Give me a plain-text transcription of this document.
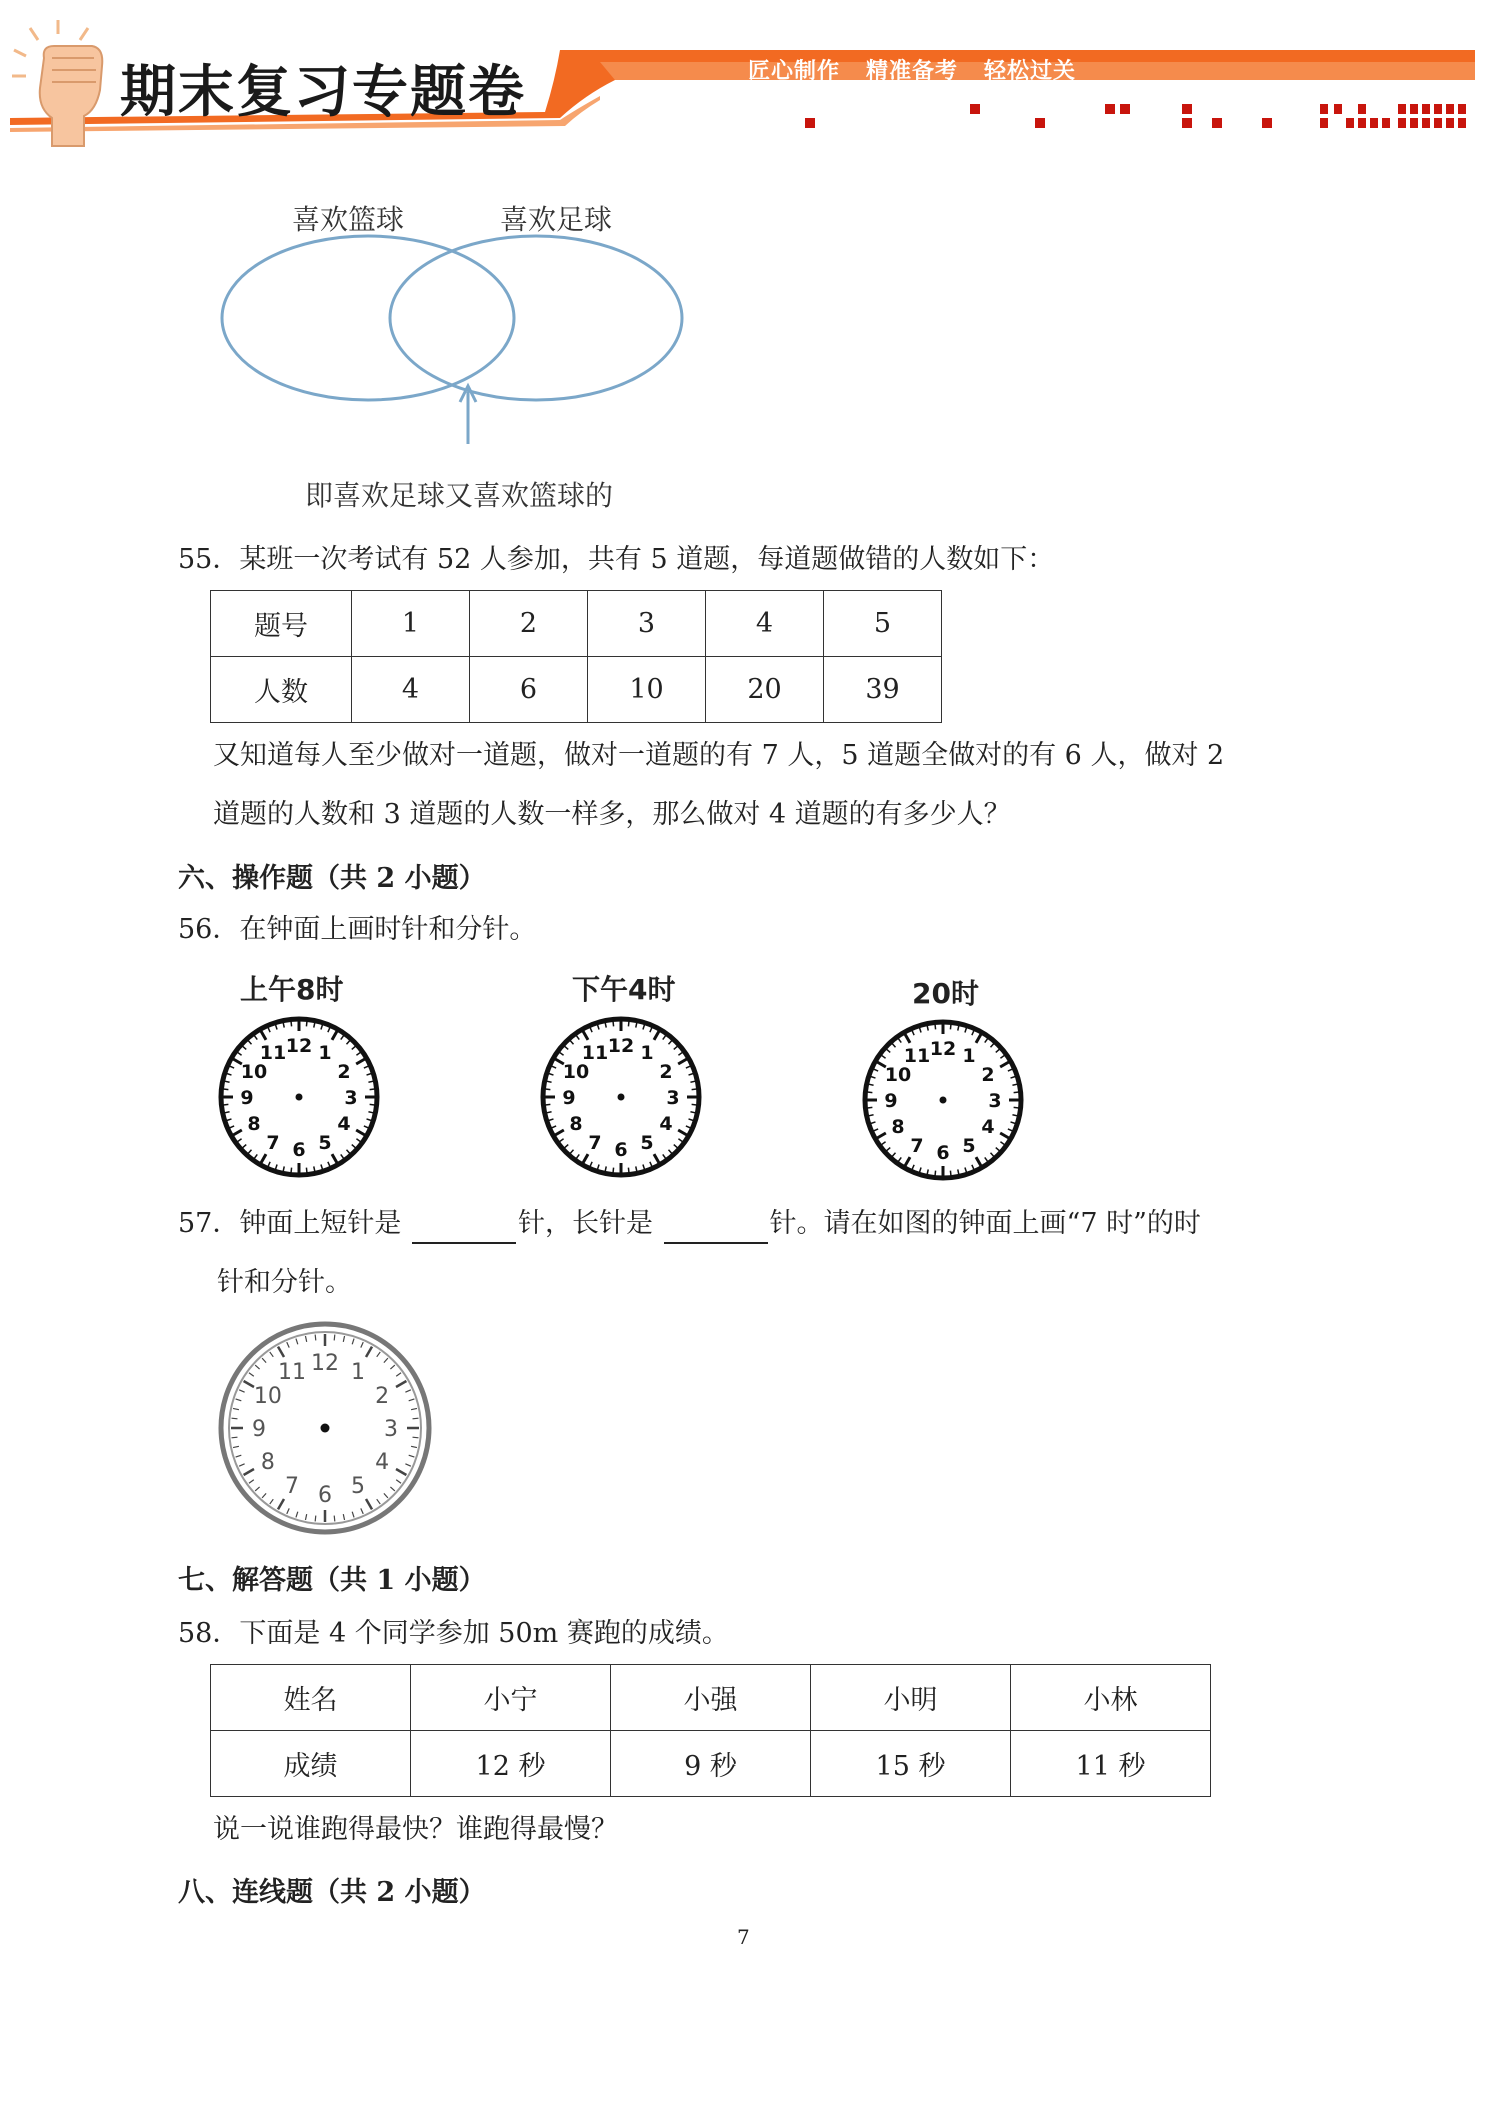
期末复习专题卷	匠心制作   精准备考   轻松过关
喜欢篮球	喜欢足球
即喜欢足球又喜欢篮球的
55．某班一次考试有 52 人参加，共有 5 道题，每道题做错的人数如下：
题号	1	2	3	4	5
人数	4	6	10	20	39
又知道每人至少做对一道题，做对一道题的有 7 人，5 道题全做对的有 6 人，做对 2
道题的人数和 3 道题的人数一样多，那么做对 4 道题的有多少人？
六、操作题（共 2 小题）
56．在钟面上画时针和分针。
上午8时	下午4时	20时
1
2
3
4
5
6
7
8
9
10
11 12	1
2
3
4
5
6
7
8
9
10
11 12	1
2
3
4
5
6
7
8
9
10
11 12
57．钟面上短针是	针，长针是	针。请在如图的钟面上画“7 时”的时
针和分针。
1
2
3
4
5
6
7
8
9
10
11 12
七、解答题（共 1 小题）
58．下面是 4 个同学参加 50m 赛跑的成绩。
姓名	小宁	小强	小明	小林
成绩	12 秒	9 秒	15 秒	11 秒
说一说谁跑得最快？谁跑得最慢？
八、连线题（共 2 小题）
7
